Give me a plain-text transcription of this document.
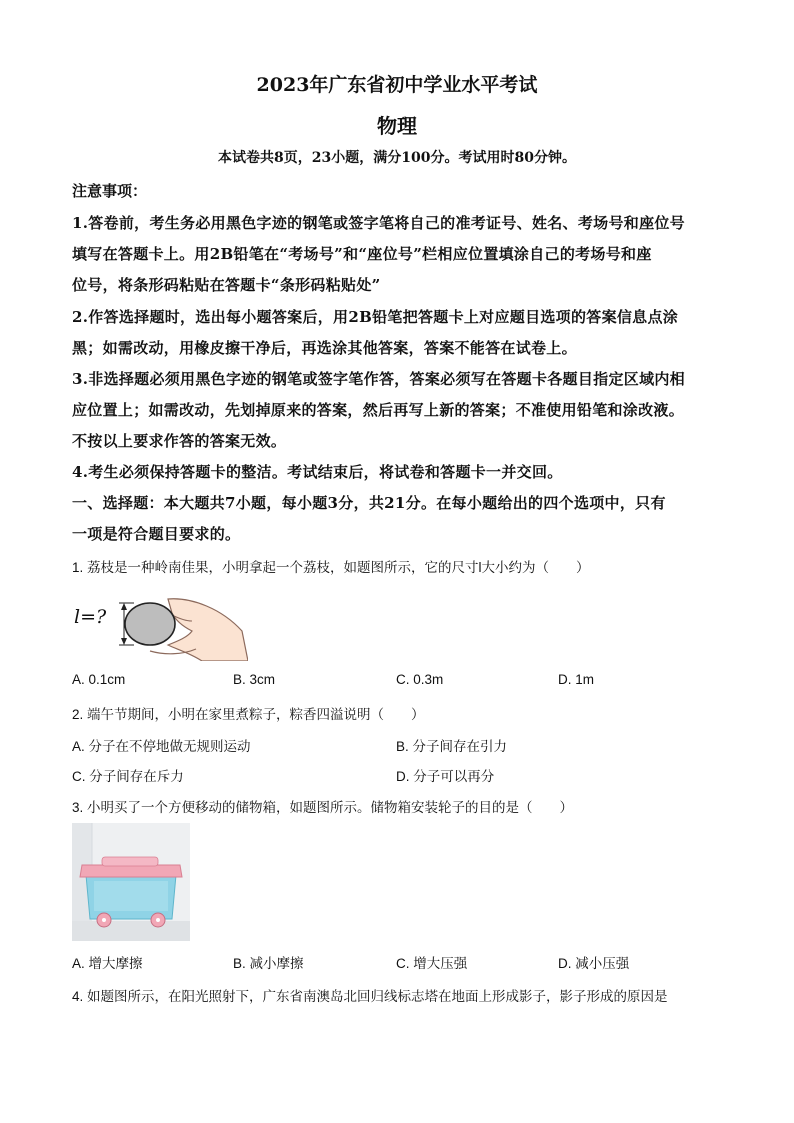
2023年广东省初中学业水平考试
物理
本试卷共8页，23小题，满分100分。考试用时80分钟。
注意事项：
1.答卷前，考生务必用黑色字迹的钢笔或签字笔将自己的准考证号、姓名、考场号和座位号
填写在答题卡上。用2B铅笔在“考场号”和“座位号”栏相应位置填涂自己的考场号和座
位号，将条形码粘贴在答题卡“条形码粘贴处”
2.作答选择题时，选出每小题答案后，用2B铅笔把答题卡上对应题目选项的答案信息点涂
黑；如需改动，用橡皮擦干净后，再选涂其他答案，答案不能答在试卷上。
3.非选择题必须用黑色字迹的钢笔或签字笔作答，答案必须写在答题卡各题目指定区域内相
应位置上；如需改动，先划掉原来的答案，然后再写上新的答案；不准使用铅笔和涂改液。
不按以上要求作答的答案无效。
4.考生必须保持答题卡的整洁。考试结束后，将试卷和答题卡一并交回。
一、选择题：本大题共7小题，每小题3分，共21分。在每小题给出的四个选项中，只有
一项是符合题目要求的。
1. 荔枝是一种岭南佳果，小明拿起一个荔枝，如题图所示，它的尺寸l大小约为（　　）
l=?
A. 0.1cm	B. 3cm	C. 0.3m	D. 1m
2. 端午节期间，小明在家里煮粽子，粽香四溢说明（　　）
A. 分子在不停地做无规则运动	B. 分子间存在引力
C. 分子间存在斥力	D. 分子可以再分
3. 小明买了一个方便移动的储物箱，如题图所示。储物箱安装轮子的目的是（　　）
A. 增大摩擦	B. 减小摩擦	C. 增大压强	D. 减小压强
4. 如题图所示，在阳光照射下，广东省南澳岛北回归线标志塔在地面上形成影子，影子形成的原因是
